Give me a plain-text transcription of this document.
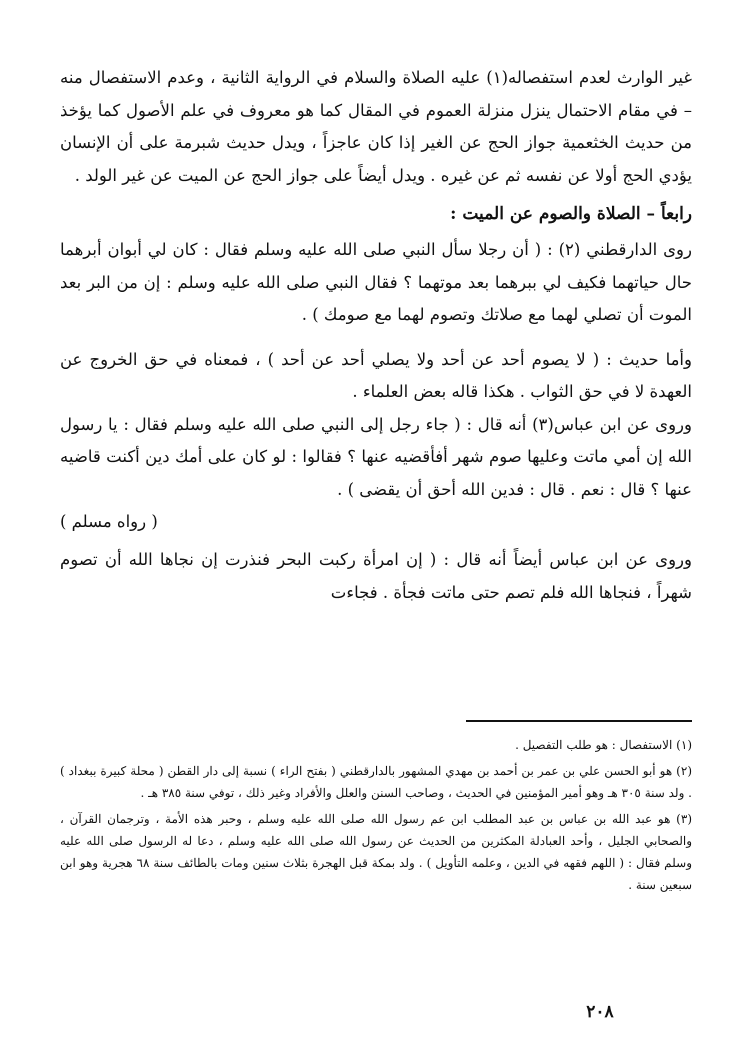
غير الوارث لعدم استفصاله(١) عليه الصلاة والسلام في الرواية الثانية ، وعدم الاستفصال منه – في مقام الاحتمال ينزل منزلة العموم في المقال كما هو معروف في علم الأصول كما يؤخذ من حديث الخثعمية جواز الحج عن الغير إذا كان عاجزاً ، ويدل حديث شبرمة على أن الإنسان يؤدي الحج أولا عن نفسه ثم عن غيره . ويدل أيضاً على جواز الحج عن الميت عن غير الولد .

رابعاً – الصلاة والصوم عن الميت :

روى الدارقطني (٢) : ( أن رجلا سأل النبي صلى الله عليه وسلم فقال : كان لي أبوان أبرهما حال حياتهما فكيف لي ببرهما بعد موتهما ؟ فقال النبي صلى الله عليه وسلم : إن من البر بعد الموت أن تصلي لهما مع صلاتك وتصوم لهما مع صومك ) .

وأما حديث : ( لا يصوم أحد عن أحد ولا يصلي أحد عن أحد ) ، فمعناه في حق الخروج عن العهدة لا في حق الثواب . هكذا قاله بعض العلماء .

وروى عن ابن عباس(٣) أنه قال : ( جاء رجل إلى النبي صلى الله عليه وسلم فقال : يا رسول الله إن أمي ماتت وعليها صوم شهر أفأقضيه عنها ؟ فقالوا : لو كان على أمك دين أكنت قاضيه عنها ؟ قال : نعم . قال : فدين الله أحق أن يقضى ) .

( رواه مسلم )

وروى عن ابن عباس أيضاً أنه قال : ( إن امرأة ركبت البحر فنذرت إن نجاها الله أن تصوم شهراً ، فنجاها الله فلم تصم حتى ماتت فجأة . فجاءت

(١) الاستفصال : هو طلب التفصيل .

(٢) هو أبو الحسن علي بن عمر بن أحمد بن مهدي المشهور بالدارقطني ( بفتح الراء ) نسبة إلى دار القطن ( محلة كبيرة ببغداد ) . ولد سنة ٣٠٥ هـ وهو أمير المؤمنين في الحديث ، وصاحب السنن والعلل والأفراد وغير ذلك ، توفي سنة ٣٨٥ هـ .

(٣) هو عبد الله بن عباس بن عبد المطلب ابن عم رسول الله صلى الله عليه وسلم ، وحبر هذه الأمة ، وترجمان القرآن ، والصحابي الجليل ، وأحد العبادلة المكثرين من الحديث عن رسول الله صلى الله عليه وسلم ، دعا له الرسول صلى الله عليه وسلم فقال : ( اللهم فقهه في الدين ، وعلمه التأويل ) . ولد بمكة قبل الهجرة بثلاث سنين ومات بالطائف سنة ٦٨ هجرية وهو ابن سبعين سنة .

٢٠٨
